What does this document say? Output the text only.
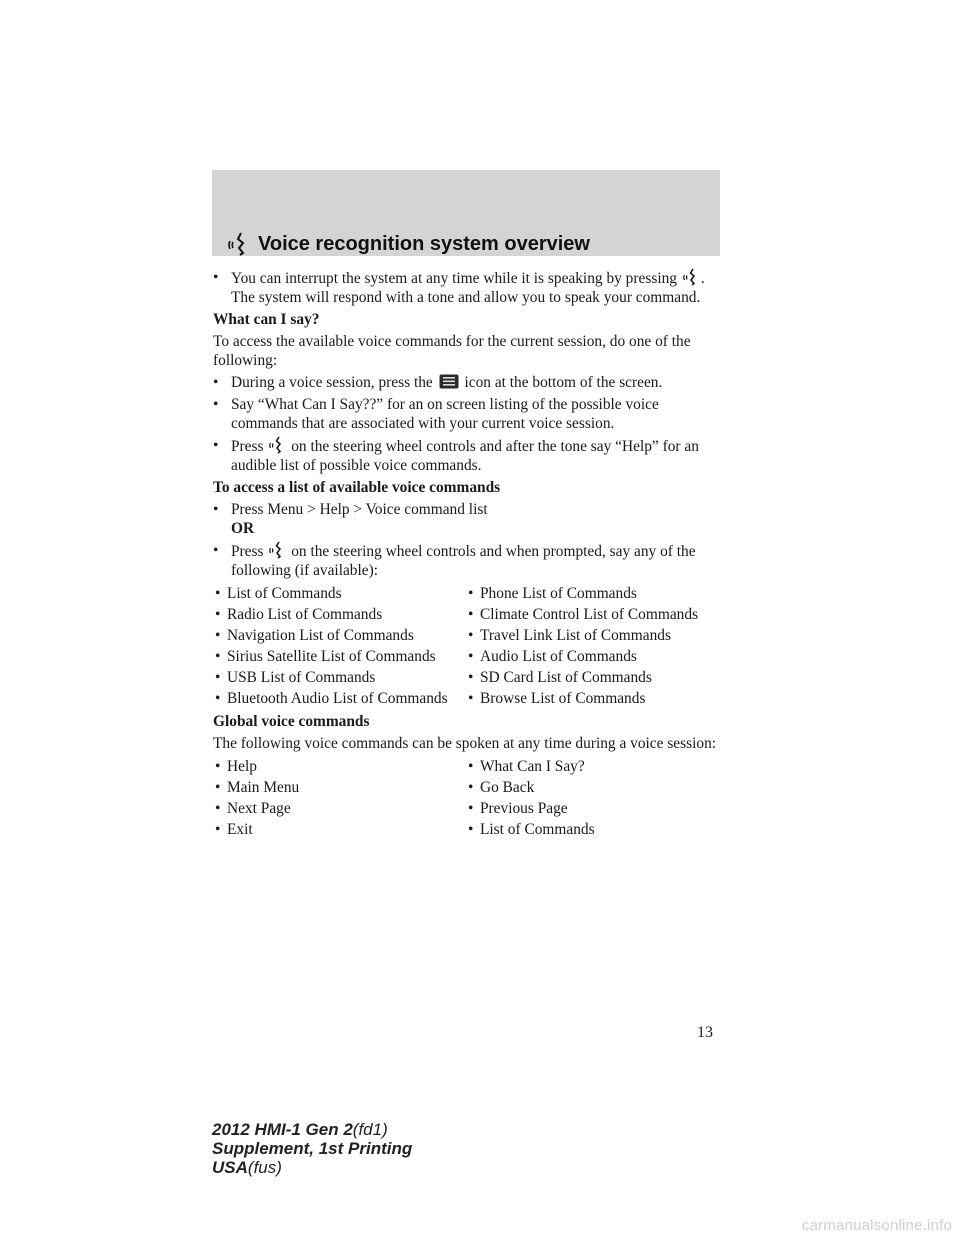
Voice recognition system overview
• You can interrupt the system at any time while it is speaking by pressing . The system will respond with a tone and allow you to speak your command.
What can I say?
To access the available voice commands for the current session, do one of the following:
• During a voice session, press the icon at the bottom of the screen.
• Say “What Can I Say??” for an on screen listing of the possible voice commands that are associated with your current voice session.
• Press on the steering wheel controls and after the tone say “Help” for an audible list of possible voice commands.
To access a list of available voice commands
• Press Menu > Help > Voice command list
OR
• Press on the steering wheel controls and when prompted, say any of the following (if available):
• List of Commands	• Phone List of Commands
• Radio List of Commands	• Climate Control List of Commands
• Navigation List of Commands	• Travel Link List of Commands
• Sirius Satellite List of Commands • Audio List of Commands
• USB List of Commands	• SD Card List of Commands
• Bluetooth Audio List of Commands • Browse List of Commands
Global voice commands
The following voice commands can be spoken at any time during a voice session:
• Help	• What Can I Say?
• Main Menu	• Go Back
• Next Page	• Previous Page
• Exit	• List of Commands
13
2012 HMI-1 Gen 2(fd1)
Supplement, 1st Printing
USA(fus)
carmanualsonline.info
